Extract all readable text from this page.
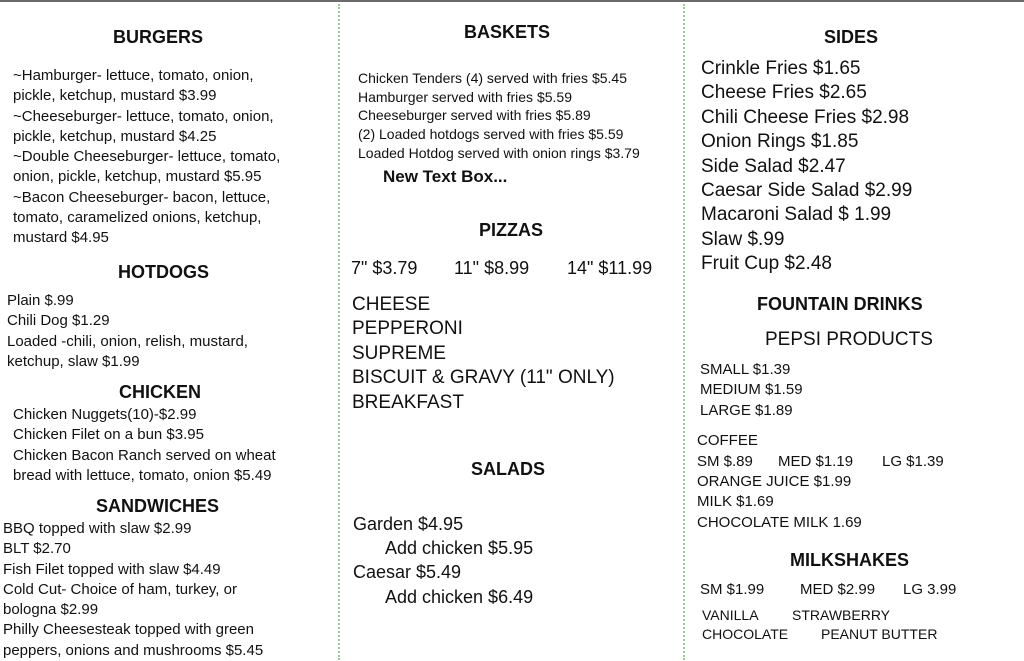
BURGERS
~Hamburger- lettuce, tomato, onion,
pickle, ketchup, mustard $3.99
~Cheeseburger- lettuce, tomato, onion,
pickle, ketchup, mustard $4.25
~Double Cheeseburger- lettuce, tomato,
onion, pickle, ketchup, mustard $5.95
~Bacon Cheeseburger- bacon, lettuce,
tomato, caramelized onions, ketchup,
mustard $4.95
HOTDOGS
Plain $.99
Chili Dog $1.29
Loaded -chili, onion, relish, mustard,
ketchup, slaw $1.99
CHICKEN
Chicken Nuggets(10)-$2.99
Chicken Filet on a bun $3.95
Chicken Bacon Ranch served on wheat
bread with lettuce, tomato, onion $5.49
SANDWICHES
BBQ topped with slaw $2.99
BLT $2.70
Fish Filet topped with slaw $4.49
Cold Cut- Choice of ham, turkey, or
bologna $2.99
Philly Cheesesteak topped with green
peppers, onions and mushrooms $5.45
BASKETS
Chicken Tenders (4) served with fries $5.45
Hamburger served with fries $5.59
Cheeseburger served with fries $5.89
(2) Loaded hotdogs served with fries $5.59
Loaded Hotdog served with onion rings $3.79
New Text Box...
PIZZAS
7" $3.79 11" $8.99 14" $11.99
CHEESE
PEPPERONI
SUPREME
BISCUIT & GRAVY (11" ONLY)
BREAKFAST
SALADS
Garden $4.95
Add chicken $5.95
Caesar $5.49
Add chicken $6.49
SIDES
Crinkle Fries $1.65
Cheese Fries $2.65
Chili Cheese Fries $2.98
Onion Rings $1.85
Side Salad $2.47
Caesar Side Salad $2.99
Macaroni Salad $ 1.99
Slaw $.99
Fruit Cup $2.48
FOUNTAIN DRINKS
PEPSI PRODUCTS
SMALL $1.39
MEDIUM $1.59
LARGE $1.89
COFFEE
SM $.89 MED $1.19 LG $1.39
ORANGE JUICE $1.99
MILK $1.69
CHOCOLATE MILK 1.69
MILKSHAKES
SM $1.99 MED $2.99 LG 3.99
VANILLA STRAWBERRY
CHOCOLATE PEANUT BUTTER
